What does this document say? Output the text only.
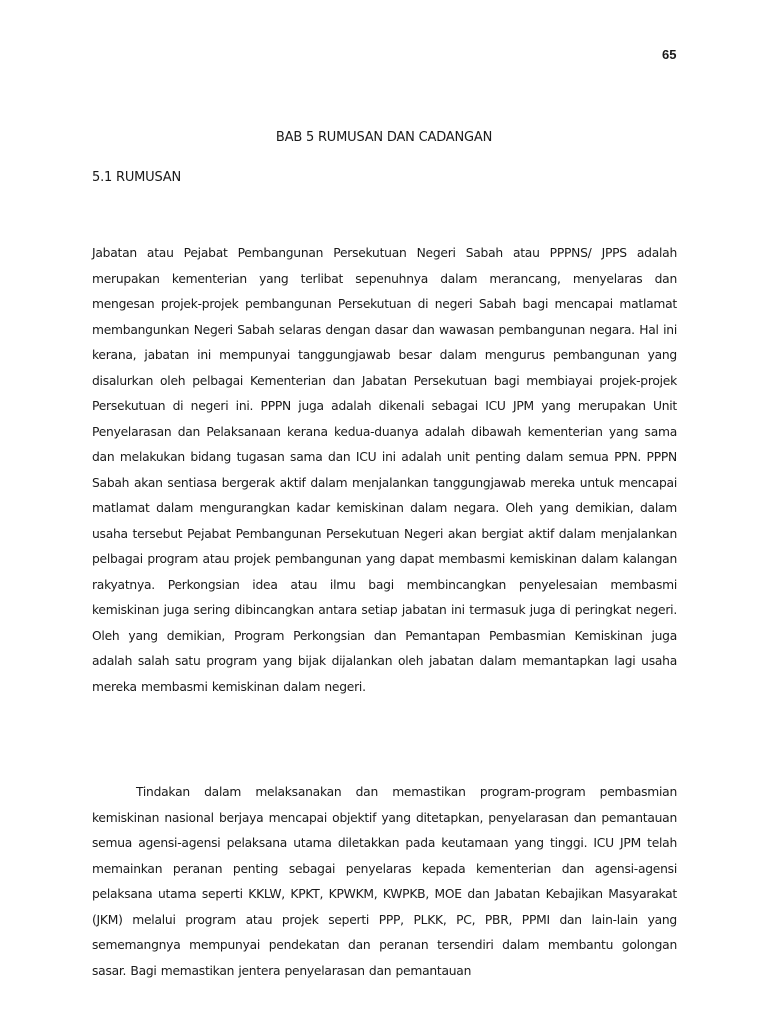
65
BAB 5 RUMUSAN DAN CADANGAN
5.1 RUMUSAN

Jabatan atau Pejabat Pembangunan Persekutuan Negeri Sabah atau PPPNS/ JPPS adalah merupakan kementerian yang terlibat sepenuhnya dalam merancang, menyelaras dan mengesan projek-projek pembangunan Persekutuan di negeri Sabah bagi mencapai matlamat membangunkan Negeri Sabah selaras dengan dasar dan wawasan pembangunan negara. Hal ini kerana, jabatan ini mempunyai tanggungjawab besar dalam mengurus pembangunan yang disalurkan oleh pelbagai Kementerian dan Jabatan Persekutuan bagi membiayai projek-projek Persekutuan di negeri ini. PPPN juga adalah dikenali sebagai ICU JPM yang merupakan Unit Penyelarasan dan Pelaksanaan kerana kedua-duanya adalah dibawah kementerian yang sama dan melakukan bidang tugasan sama dan ICU ini adalah unit penting dalam semua PPN. PPPN Sabah akan sentiasa bergerak aktif dalam menjalankan tanggungjawab mereka untuk mencapai matlamat dalam mengurangkan kadar kemiskinan dalam negara. Oleh yang demikian, dalam usaha tersebut Pejabat Pembangunan Persekutuan Negeri akan bergiat aktif dalam menjalankan pelbagai program atau projek pembangunan yang dapat membasmi kemiskinan dalam kalangan rakyatnya. Perkongsian idea atau ilmu bagi membincangkan penyelesaian membasmi kemiskinan juga sering dibincangkan antara setiap jabatan ini termasuk juga di peringkat negeri. Oleh yang demikian, Program Perkongsian dan Pemantapan Pembasmian Kemiskinan juga adalah salah satu program yang bijak dijalankan oleh jabatan dalam memantapkan lagi usaha mereka membasmi kemiskinan dalam negeri.

Tindakan dalam melaksanakan dan memastikan program-program pembasmian kemiskinan nasional berjaya mencapai objektif yang ditetapkan, penyelarasan dan pemantauan semua agensi-agensi pelaksana utama diletakkan pada keutamaan yang tinggi. ICU JPM telah memainkan peranan penting sebagai penyelaras kepada kementerian dan agensi-agensi pelaksana utama seperti KKLW, KPKT, KPWKM, KWPKB, MOE dan Jabatan Kebajikan Masyarakat (JKM) melalui program atau projek seperti PPP, PLKK, PC, PBR, PPMI dan lain-lain yang sememangnya mempunyai pendekatan dan peranan tersendiri dalam membantu golongan sasar. Bagi memastikan jentera penyelarasan dan pemantauan
